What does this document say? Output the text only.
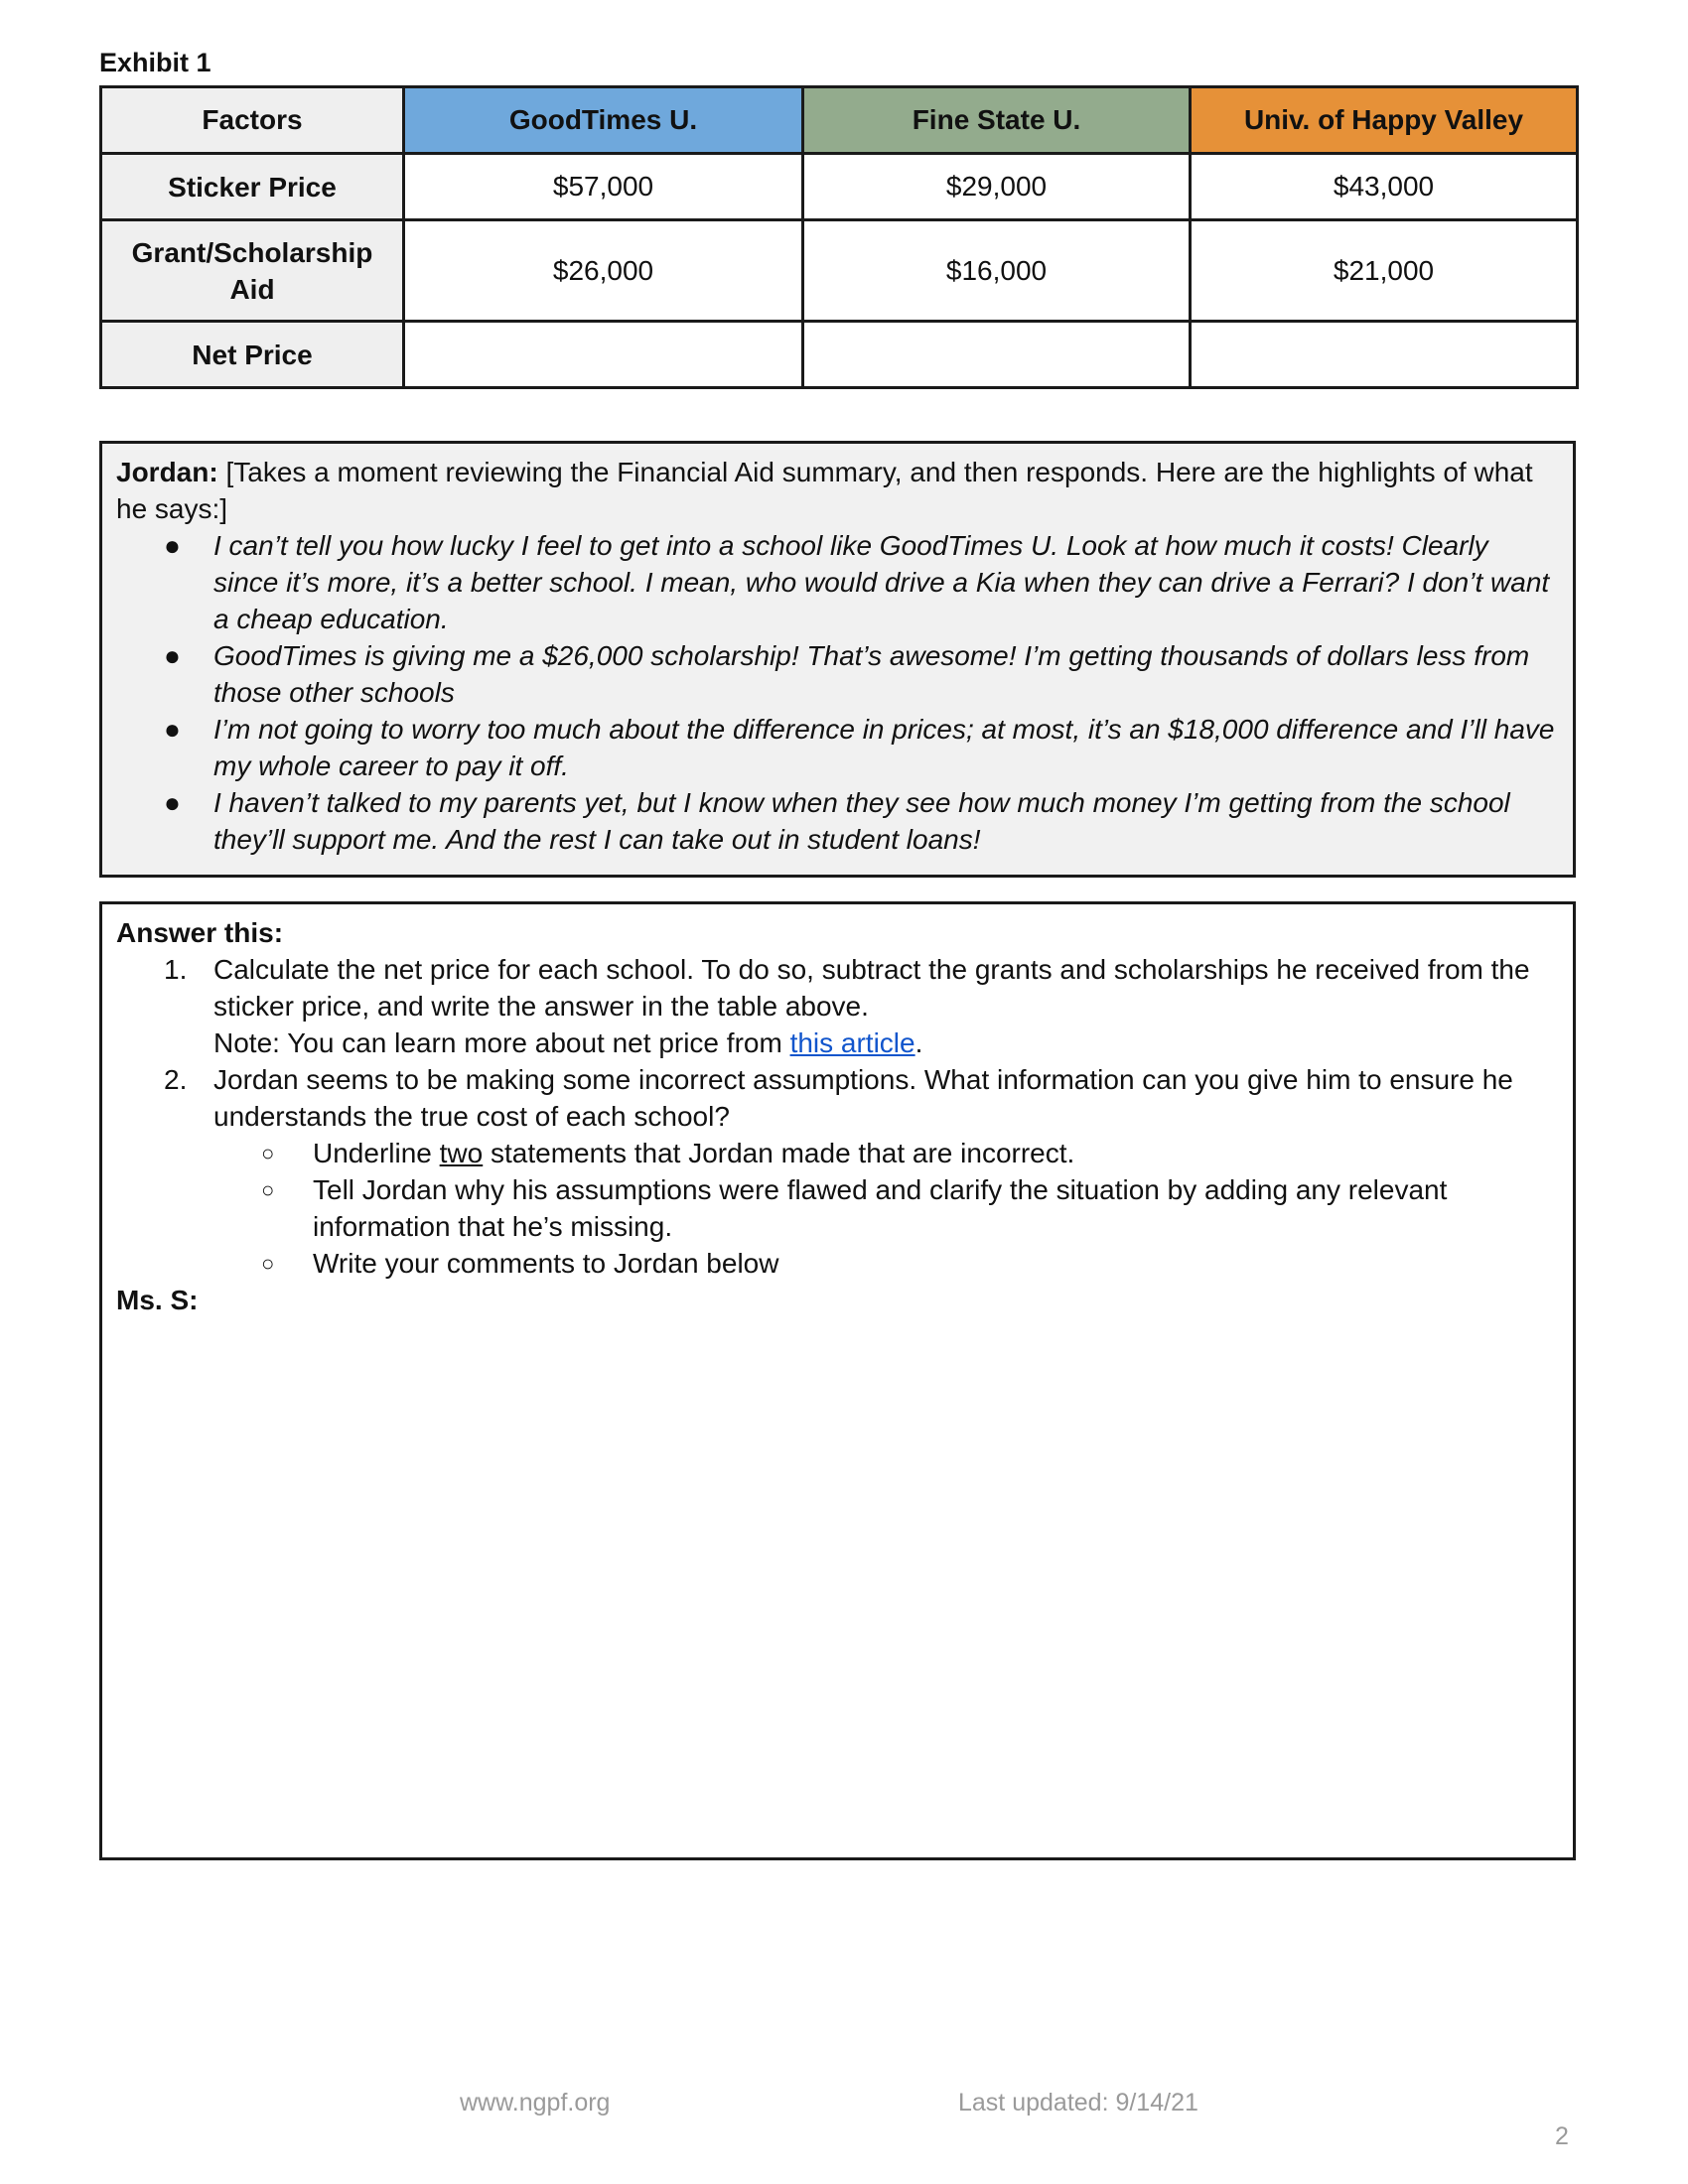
Exhibit 1
Factors	GoodTimes U.	Fine State U.	Univ. of Happy Valley
Sticker Price	$57,000	$29,000	$43,000
Grant/Scholarship Aid	$26,000	$16,000	$21,000
Net Price			
Jordan: [Takes a moment reviewing the Financial Aid summary, and then responds. Here are the highlights of what he says:]
● I can’t tell you how lucky I feel to get into a school like GoodTimes U. Look at how much it costs! Clearly since it’s more, it’s a better school. I mean, who would drive a Kia when they can drive a Ferrari? I don’t want a cheap education.
● GoodTimes is giving me a $26,000 scholarship! That’s awesome! I’m getting thousands of dollars less from those other schools
● I’m not going to worry too much about the difference in prices; at most, it’s an $18,000 difference and I’ll have my whole career to pay it off.
● I haven’t talked to my parents yet, but I know when they see how much money I’m getting from the school they’ll support me. And the rest I can take out in student loans!
Answer this:
1. Calculate the net price for each school. To do so, subtract the grants and scholarships he received from the sticker price, and write the answer in the table above.
Note: You can learn more about net price from this article.
2. Jordan seems to be making some incorrect assumptions. What information can you give him to ensure he understands the true cost of each school?
○ Underline two statements that Jordan made that are incorrect.
○ Tell Jordan why his assumptions were flawed and clarify the situation by adding any relevant information that he’s missing.
○ Write your comments to Jordan below
Ms. S:
www.ngpf.org	Last updated: 9/14/21
2
